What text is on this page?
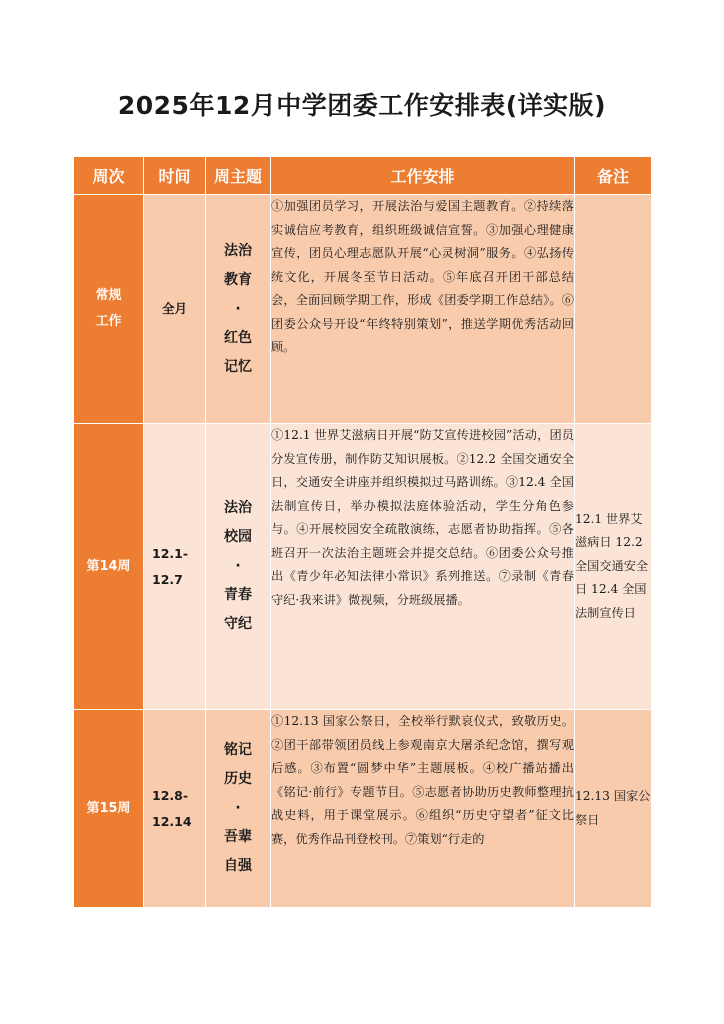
2025年12月中学团委工作安排表(详实版)
周次	时间	周主题	工作安排	备注

常规
工作	全月	法治
教育
·
红色
记忆	①加强团员学习，开展法治与爱国主题教育。②持续落实诚信应考教育，组织班级诚信宣誓。③加强心理健康宣传，团员心理志愿队开展“心灵树洞”服务。④弘扬传统文化，开展冬至节日活动。⑤年底召开团干部总结会，全面回顾学期工作，形成《团委学期工作总结》。⑥团委公众号开设“年终特别策划”，推送学期优秀活动回顾。	

第14周	12.1-
12.7	法治
校园
·
青春
守纪	①12.1 世界艾滋病日开展“防艾宣传进校园”活动，团员分发宣传册，制作防艾知识展板。②12.2 全国交通安全日，交通安全讲座并组织模拟过马路训练。③12.4 全国法制宣传日，举办模拟法庭体验活动，学生分角色参与。④开展校园安全疏散演练，志愿者协助指挥。⑤各班召开一次法治主题班会并提交总结。⑥团委公众号推出《青少年必知法律小常识》系列推送。⑦录制《青春守纪·我来讲》微视频，分班级展播。	12.1 世界艾滋病日 12.2 全国交通安全日 12.4 全国法制宣传日

第15周	12.8-
12.14	铭记
历史
·
吾辈
自强	①12.13 国家公祭日，全校举行默哀仪式，致敬历史。②团干部带领团员线上参观南京大屠杀纪念馆，撰写观后感。③布置“圆梦中华”主题展板。④校广播站播出《铭记·前行》专题节目。⑤志愿者协助历史教师整理抗战史料，用于课堂展示。⑥组织“历史守望者”征文比赛，优秀作品刊登校刊。⑦策划“行走的	12.13 国家公祭日
